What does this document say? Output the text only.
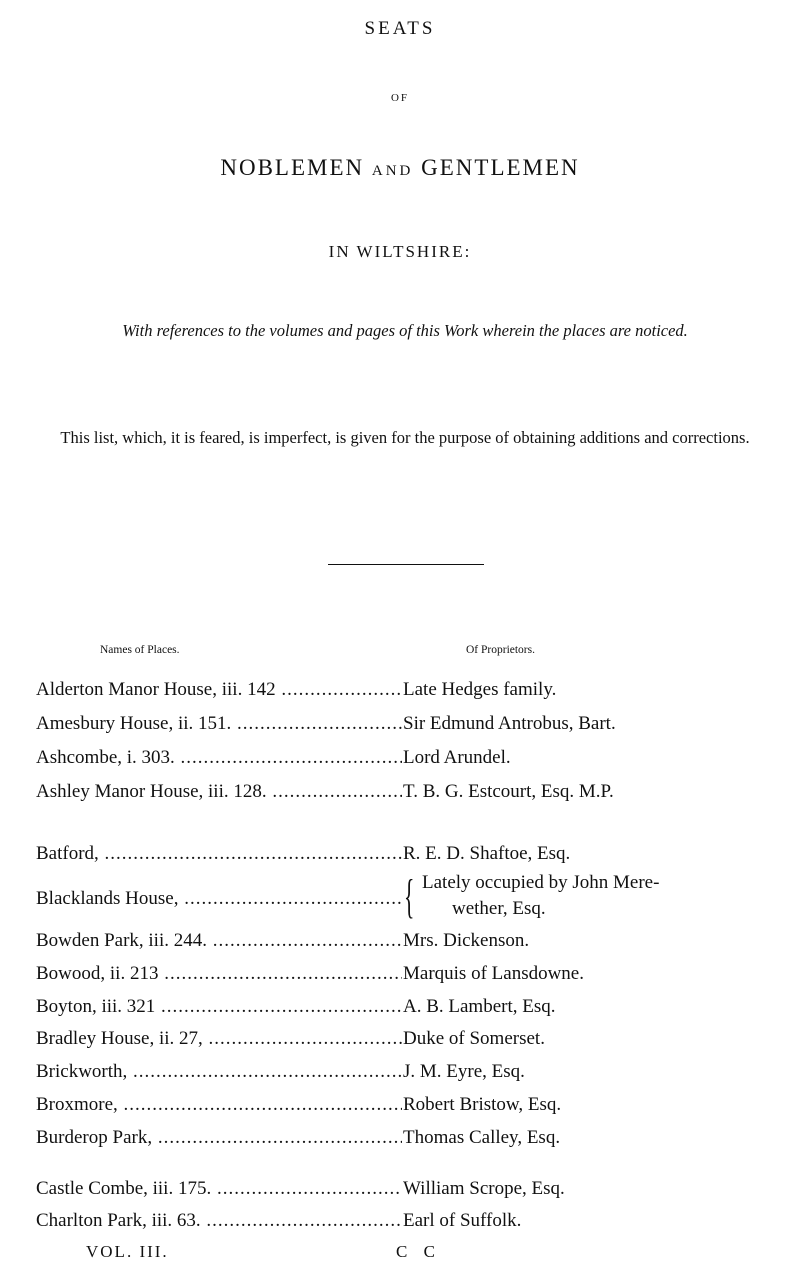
SEATS
OF
NOBLEMEN AND GENTLEMEN
IN WILTSHIRE:
With references to the volumes and pages of this Work wherein the places are noticed.
This list, which, it is feared, is imperfect, is given for the purpose of obtaining additions and corrections.
Names of Places.	Of Proprietors.
Alderton Manor House, iii. 142 .....	Late Hedges family.
Amesbury House, ii. 151. .....	Sir Edmund Antrobus, Bart.
Ashcombe, i. 303. .....	Lord Arundel.
Ashley Manor House, iii. 128. .....	T. B. G. Estcourt, Esq. M.P.
Batford, .....	R. E. D. Shaftoe, Esq.
Blacklands House, .....	{ Lately occupied by John Mere-
wether, Esq.
Bowden Park, iii. 244. .....	Mrs. Dickenson.
Bowood, ii. 213 .....	Marquis of Lansdowne.
Boyton, iii. 321 .....	A. B. Lambert, Esq.
Bradley House, ii. 27, .....	Duke of Somerset.
Brickworth, .....	J. M. Eyre, Esq.
Broxmore, .....	Robert Bristow, Esq.
Burderop Park, .....	Thomas Calley, Esq.
Castle Combe, iii. 175. .....	William Scrope, Esq.
Charlton Park, iii. 63. .....	Earl of Suffolk.
VOL. III.	C C
